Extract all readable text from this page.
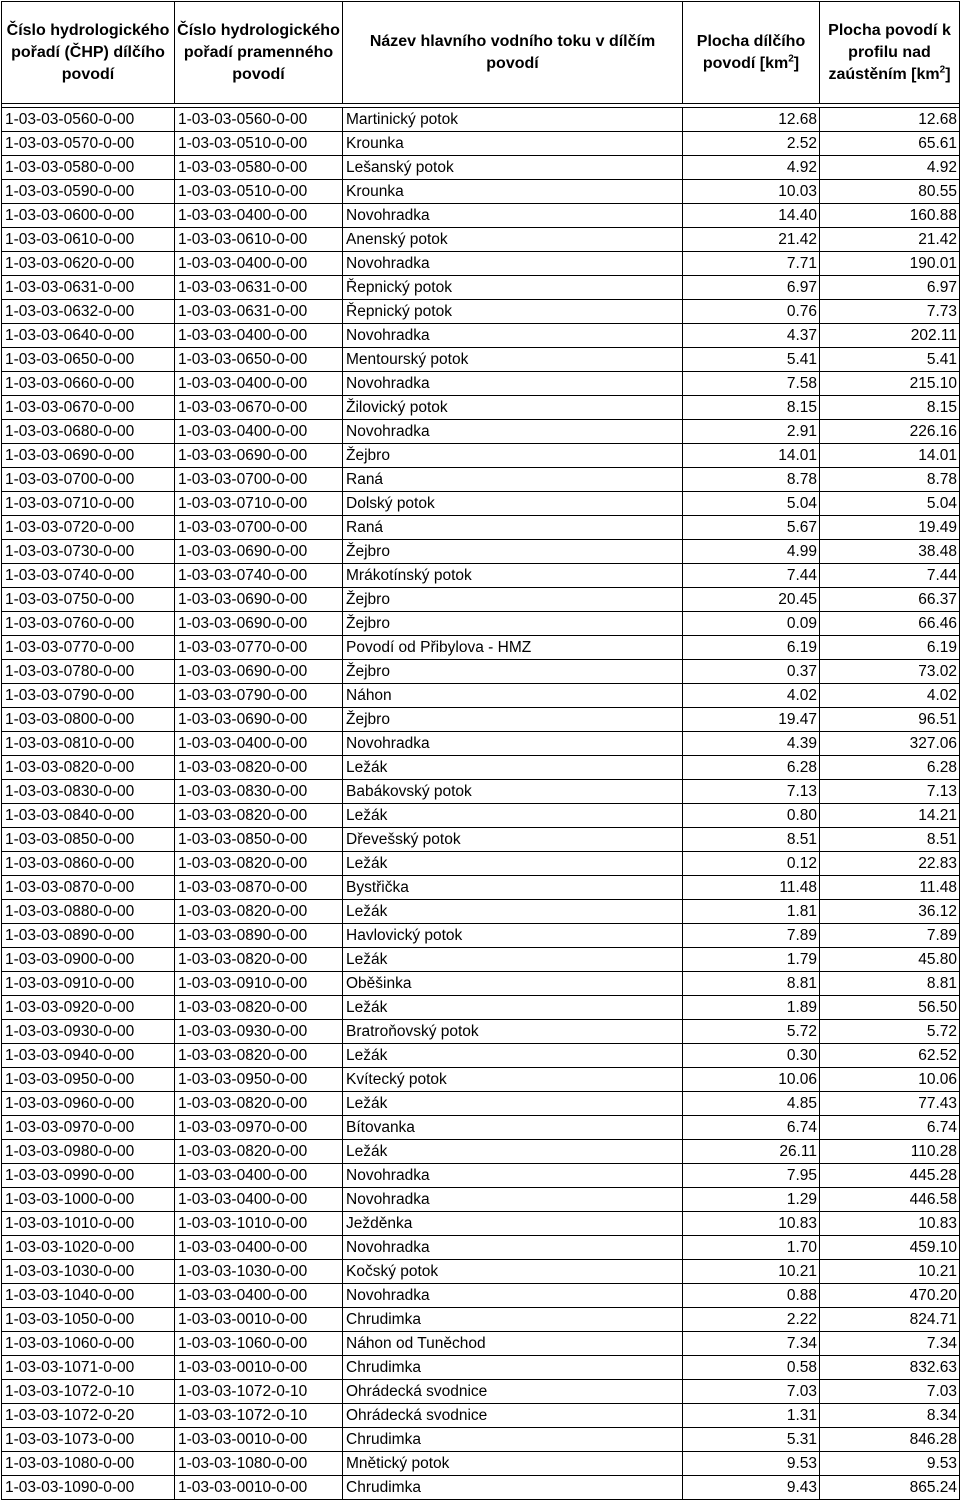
Číslo hydrologického pořadí (ČHP) dílčího povodí	Číslo hydrologického pořadí pramenného povodí	Název hlavního vodního toku v dílčím povodí	Plocha dílčího povodí $[km^2]$	Plocha povodí k profilu nad zaústěním $[km^2]$

1-03-03-0560-0-00	1-03-03-0560-0-00	Martinický potok	12.68	12.68
1-03-03-0570-0-00	1-03-03-0510-0-00	Krounka	2.52	65.61
1-03-03-0580-0-00	1-03-03-0580-0-00	Lešanský potok	4.92	4.92
1-03-03-0590-0-00	1-03-03-0510-0-00	Krounka	10.03	80.55
1-03-03-0600-0-00	1-03-03-0400-0-00	Novohradka	14.40	160.88
1-03-03-0610-0-00	1-03-03-0610-0-00	Anenský potok	21.42	21.42
1-03-03-0620-0-00	1-03-03-0400-0-00	Novohradka	7.71	190.01
1-03-03-0631-0-00	1-03-03-0631-0-00	Řepnický potok	6.97	6.97
1-03-03-0632-0-00	1-03-03-0631-0-00	Řepnický potok	0.76	7.73
1-03-03-0640-0-00	1-03-03-0400-0-00	Novohradka	4.37	202.11
1-03-03-0650-0-00	1-03-03-0650-0-00	Mentourský potok	5.41	5.41
1-03-03-0660-0-00	1-03-03-0400-0-00	Novohradka	7.58	215.10
1-03-03-0670-0-00	1-03-03-0670-0-00	Žilovický potok	8.15	8.15
1-03-03-0680-0-00	1-03-03-0400-0-00	Novohradka	2.91	226.16
1-03-03-0690-0-00	1-03-03-0690-0-00	Žejbro	14.01	14.01
1-03-03-0700-0-00	1-03-03-0700-0-00	Raná	8.78	8.78
1-03-03-0710-0-00	1-03-03-0710-0-00	Dolský potok	5.04	5.04
1-03-03-0720-0-00	1-03-03-0700-0-00	Raná	5.67	19.49
1-03-03-0730-0-00	1-03-03-0690-0-00	Žejbro	4.99	38.48
1-03-03-0740-0-00	1-03-03-0740-0-00	Mrákotínský potok	7.44	7.44
1-03-03-0750-0-00	1-03-03-0690-0-00	Žejbro	20.45	66.37
1-03-03-0760-0-00	1-03-03-0690-0-00	Žejbro	0.09	66.46
1-03-03-0770-0-00	1-03-03-0770-0-00	Povodí od Přibylova - HMZ	6.19	6.19
1-03-03-0780-0-00	1-03-03-0690-0-00	Žejbro	0.37	73.02
1-03-03-0790-0-00	1-03-03-0790-0-00	Náhon	4.02	4.02
1-03-03-0800-0-00	1-03-03-0690-0-00	Žejbro	19.47	96.51
1-03-03-0810-0-00	1-03-03-0400-0-00	Novohradka	4.39	327.06
1-03-03-0820-0-00	1-03-03-0820-0-00	Ležák	6.28	6.28
1-03-03-0830-0-00	1-03-03-0830-0-00	Babákovský potok	7.13	7.13
1-03-03-0840-0-00	1-03-03-0820-0-00	Ležák	0.80	14.21
1-03-03-0850-0-00	1-03-03-0850-0-00	Dřevešský potok	8.51	8.51
1-03-03-0860-0-00	1-03-03-0820-0-00	Ležák	0.12	22.83
1-03-03-0870-0-00	1-03-03-0870-0-00	Bystřička	11.48	11.48
1-03-03-0880-0-00	1-03-03-0820-0-00	Ležák	1.81	36.12
1-03-03-0890-0-00	1-03-03-0890-0-00	Havlovický potok	7.89	7.89
1-03-03-0900-0-00	1-03-03-0820-0-00	Ležák	1.79	45.80
1-03-03-0910-0-00	1-03-03-0910-0-00	Oběšinka	8.81	8.81
1-03-03-0920-0-00	1-03-03-0820-0-00	Ležák	1.89	56.50
1-03-03-0930-0-00	1-03-03-0930-0-00	Bratroňovský potok	5.72	5.72
1-03-03-0940-0-00	1-03-03-0820-0-00	Ležák	0.30	62.52
1-03-03-0950-0-00	1-03-03-0950-0-00	Kvítecký potok	10.06	10.06
1-03-03-0960-0-00	1-03-03-0820-0-00	Ležák	4.85	77.43
1-03-03-0970-0-00	1-03-03-0970-0-00	Bítovanka	6.74	6.74
1-03-03-0980-0-00	1-03-03-0820-0-00	Ležák	26.11	110.28
1-03-03-0990-0-00	1-03-03-0400-0-00	Novohradka	7.95	445.28
1-03-03-1000-0-00	1-03-03-0400-0-00	Novohradka	1.29	446.58
1-03-03-1010-0-00	1-03-03-1010-0-00	Ježděnka	10.83	10.83
1-03-03-1020-0-00	1-03-03-0400-0-00	Novohradka	1.70	459.10
1-03-03-1030-0-00	1-03-03-1030-0-00	Kočský potok	10.21	10.21
1-03-03-1040-0-00	1-03-03-0400-0-00	Novohradka	0.88	470.20
1-03-03-1050-0-00	1-03-03-0010-0-00	Chrudimka	2.22	824.71
1-03-03-1060-0-00	1-03-03-1060-0-00	Náhon od Tuněchod	7.34	7.34
1-03-03-1071-0-00	1-03-03-0010-0-00	Chrudimka	0.58	832.63
1-03-03-1072-0-10	1-03-03-1072-0-10	Ohrádecká svodnice	7.03	7.03
1-03-03-1072-0-20	1-03-03-1072-0-10	Ohrádecká svodnice	1.31	8.34
1-03-03-1073-0-00	1-03-03-0010-0-00	Chrudimka	5.31	846.28
1-03-03-1080-0-00	1-03-03-1080-0-00	Mnětický potok	9.53	9.53
1-03-03-1090-0-00	1-03-03-0010-0-00	Chrudimka	9.43	865.24
